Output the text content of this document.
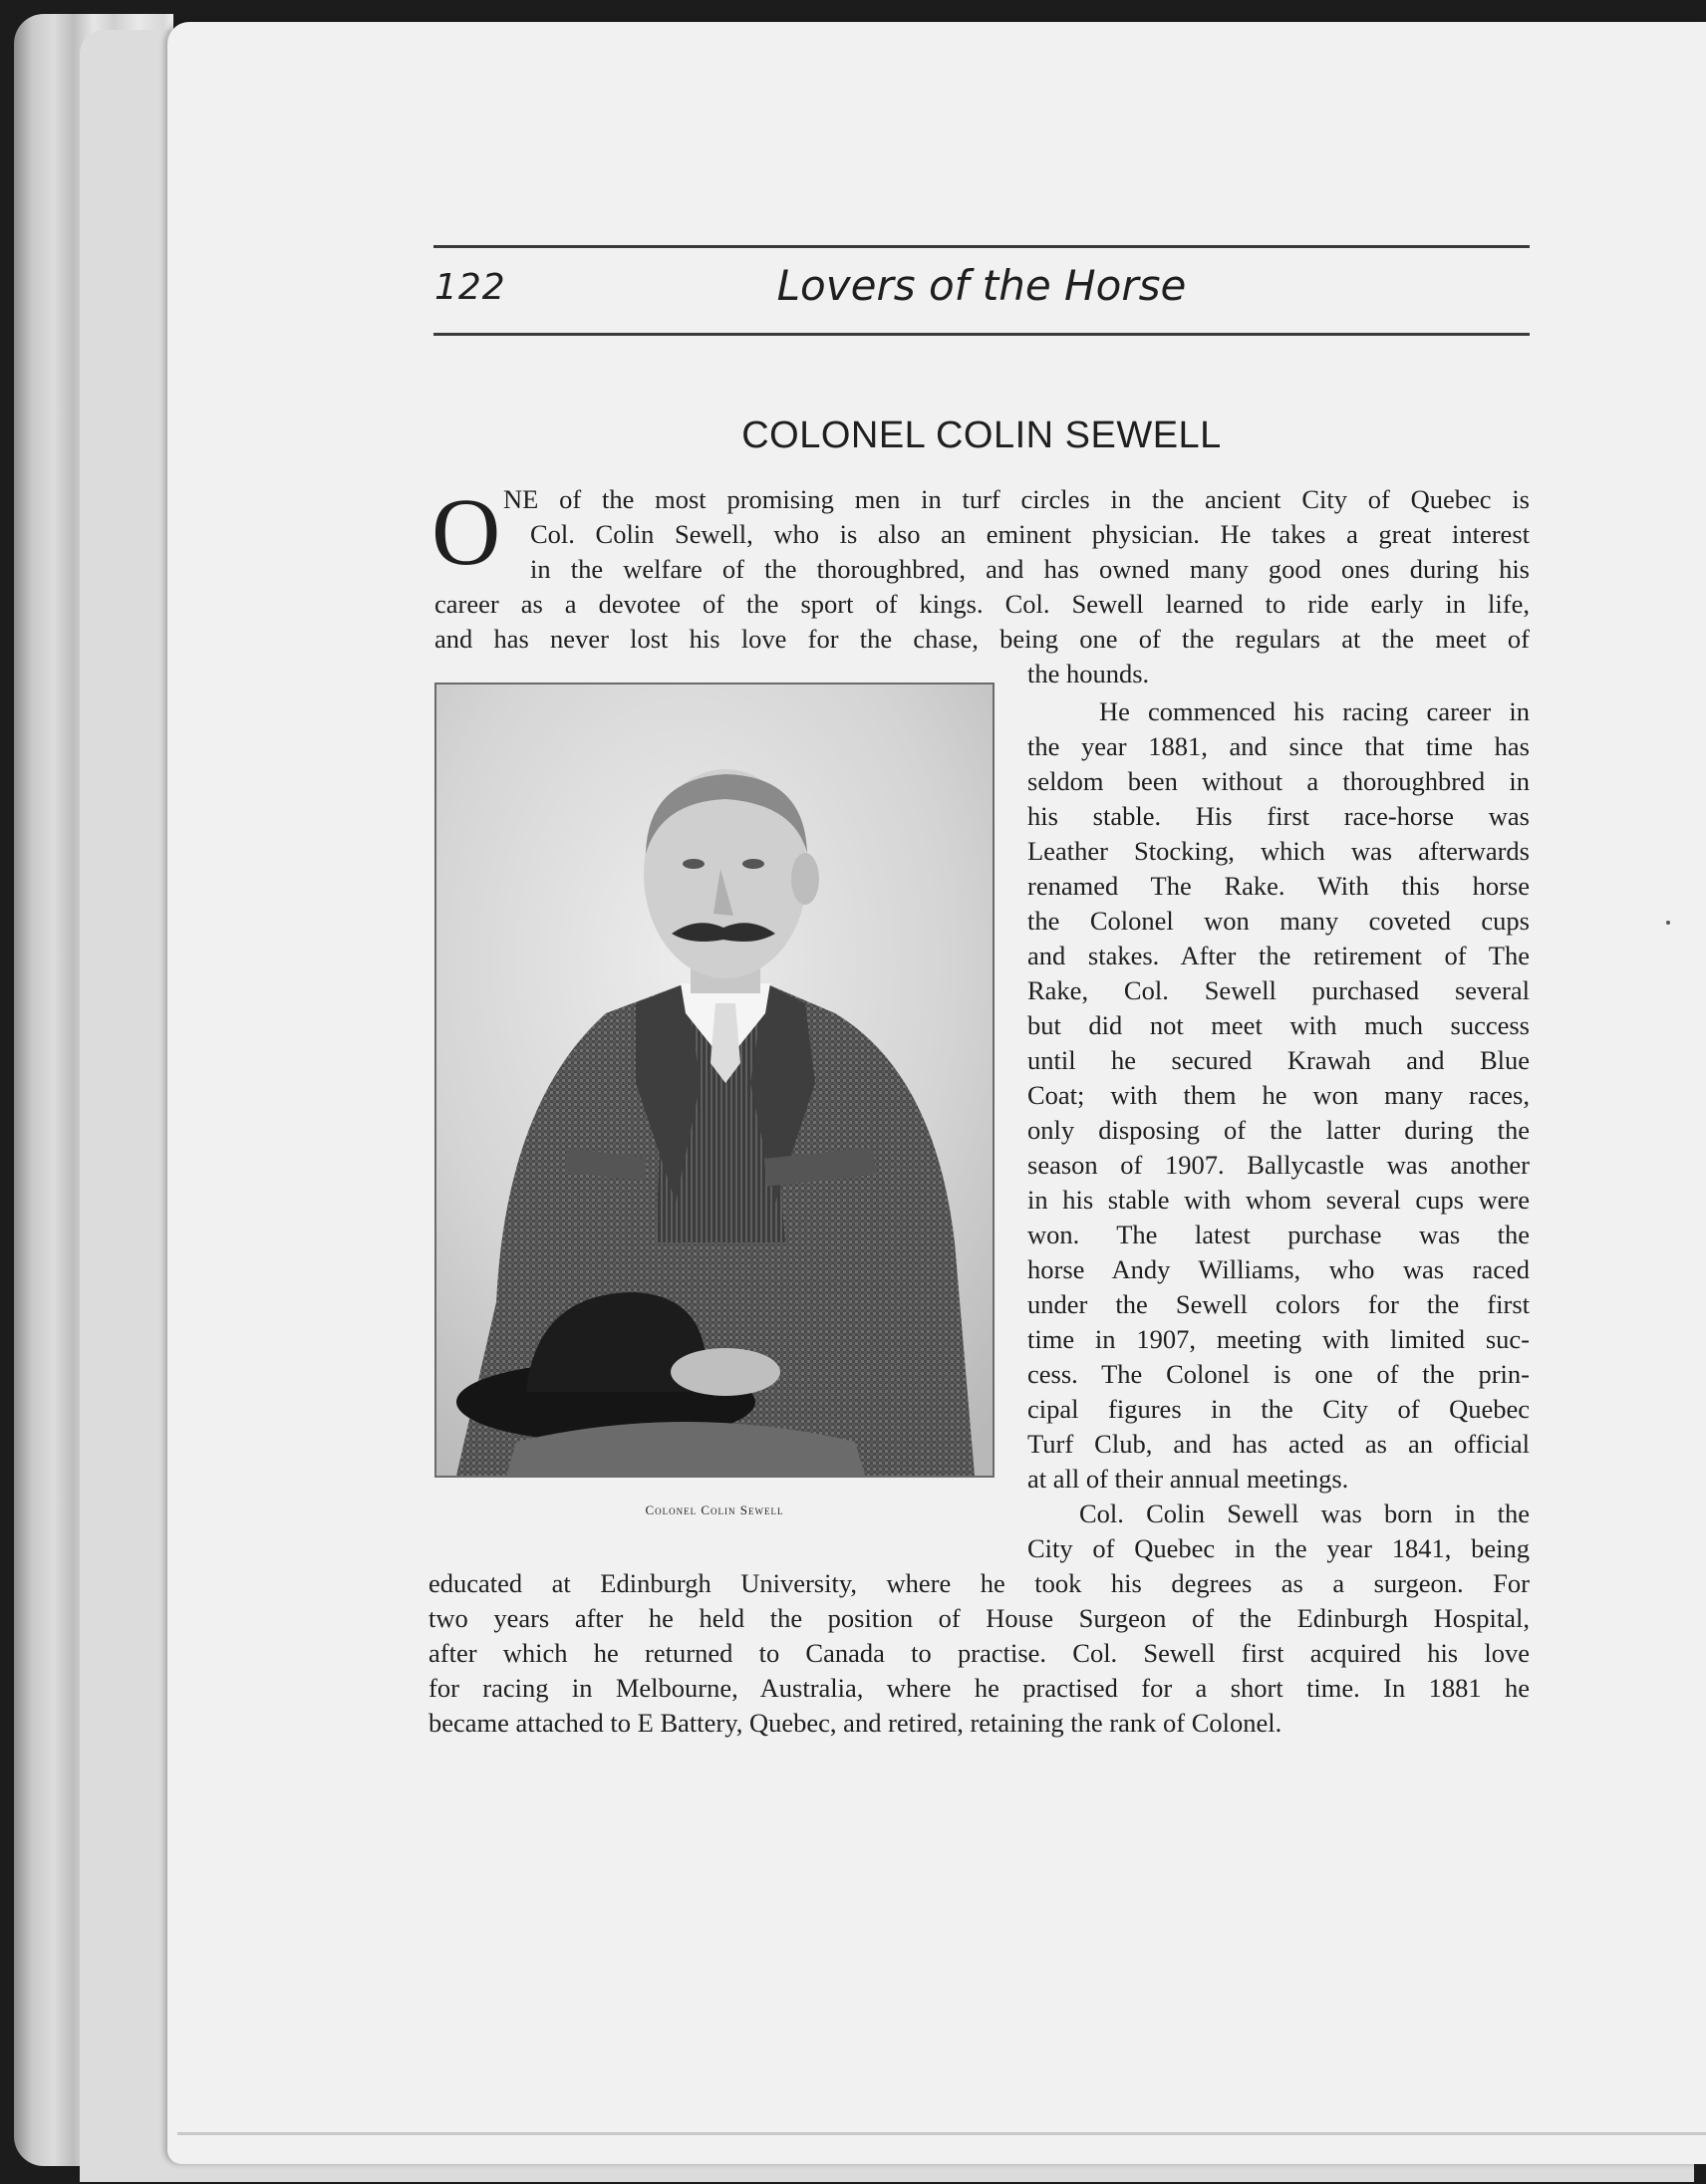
122	Lovers of the Horse
COLONEL COLIN SEWELL
O NE of the most promising men in turf circles in the ancient City of Quebec is
Col. Colin Sewell, who is also an eminent physician. He takes a great interest
in the welfare of the thoroughbred, and has owned many good ones during his
career as a devotee of the sport of kings. Col. Sewell learned to ride early in life,
and has never lost his love for the chase, being one of the regulars at the meet of
the hounds.
Colonel Colin Sewell
He commenced his racing career in
the year 1881, and since that time has
seldom been without a thoroughbred in
his stable. His first race-horse was
Leather Stocking, which was afterwards
renamed The Rake. With this horse
the Colonel won many coveted cups
and stakes. After the retirement of The
Rake, Col. Sewell purchased several
but did not meet with much success
until he secured Krawah and Blue
Coat; with them he won many races,
only disposing of the latter during the
season of 1907. Ballycastle was another
in his stable with whom several cups were
won. The latest purchase was the
horse Andy Williams, who was raced
under the Sewell colors for the first
time in 1907, meeting with limited suc-
cess. The Colonel is one of the prin-
cipal figures in the City of Quebec
Turf Club, and has acted as an official
at all of their annual meetings.
Col. Colin Sewell was born in the
City of Quebec in the year 1841, being
educated at Edinburgh University, where he took his degrees as a surgeon. For
two years after he held the position of House Surgeon of the Edinburgh Hospital,
after which he returned to Canada to practise. Col. Sewell first acquired his love
for racing in Melbourne, Australia, where he practised for a short time. In 1881 he
became attached to E Battery, Quebec, and retired, retaining the rank of Colonel.
